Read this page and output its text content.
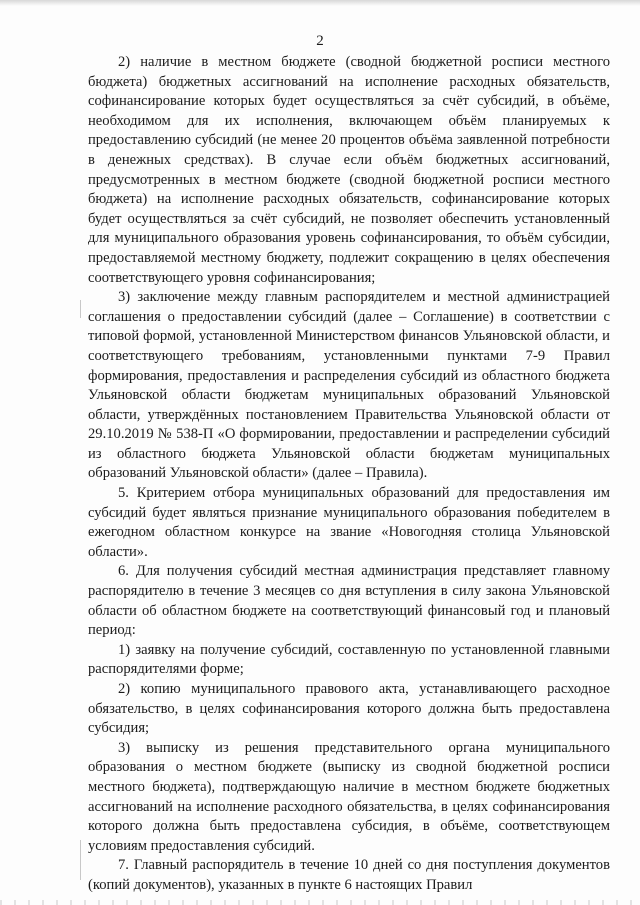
2

2) наличие в местном бюджете (сводной бюджетной росписи местного бюджета) бюджетных ассигнований на исполнение расходных обязательств, софинансирование которых будет осуществляться за счёт субсидий, в объёме, необходимом для их исполнения, включающем объём планируемых к предоставлению субсидий (не менее 20 процентов объёма заявленной потребности в денежных средствах). В случае если объём бюджетных ассигнований, предусмотренных в местном бюджете (сводной бюджетной росписи местного бюджета) на исполнение расходных обязательств, софинансирование которых будет осуществляться за счёт субсидий, не позволяет обеспечить установленный для муниципального образования уровень софинансирования, то объём субсидии, предоставляемой местному бюджету, подлежит сокращению в целях обеспечения соответствующего уровня софинансирования;

3) заключение между главным распорядителем и местной администрацией соглашения о предоставлении субсидий (далее – Соглашение) в соответствии с типовой формой, установленной Министерством финансов Ульяновской области, и соответствующего требованиям, установленными пунктами 7-9 Правил формирования, предоставления и распределения субсидий из областного бюджета Ульяновской области бюджетам муниципальных образований Ульяновской области, утверждённых постановлением Правительства Ульяновской области от 29.10.2019 № 538-П «О формировании, предоставлении и распределении субсидий из областного бюджета Ульяновской области бюджетам муниципальных образований Ульяновской области» (далее – Правила).

5. Критерием отбора муниципальных образований для предоставления им субсидий будет являться признание муниципального образования победителем в ежегодном областном конкурсе на звание «Новогодняя столица Ульяновской области».

6. Для получения субсидий местная администрация представляет главному распорядителю в течение 3 месяцев со дня вступления в силу закона Ульяновской области об областном бюджете на соответствующий финансовый год и плановый период:

1) заявку на получение субсидий, составленную по установленной главными распорядителями форме;

2) копию муниципального правового акта, устанавливающего расходное обязательство, в целях софинансирования которого должна быть предоставлена субсидия;

3) выписку из решения представительного органа муниципального образования о местном бюджете (выписку из сводной бюджетной росписи местного бюджета), подтверждающую наличие в местном бюджете бюджетных ассигнований на исполнение расходного обязательства, в целях софинансирования которого должна быть предоставлена субсидия, в объёме, соответствующем условиям предоставления субсидий.

7. Главный распорядитель в течение 10 дней со дня поступления документов (копий документов), указанных в пункте 6 настоящих Правил
